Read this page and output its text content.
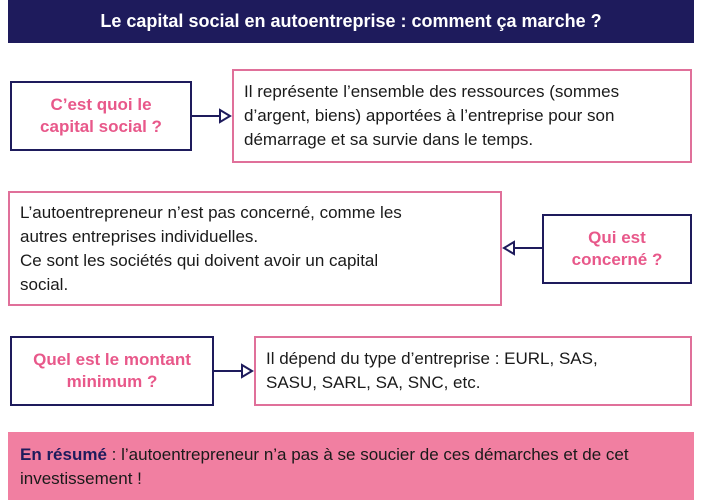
Le capital social en autoentreprise : comment ça marche ?
C’est quoi le
capital social ?
Il représente l’ensemble des ressources (sommes
d’argent, biens) apportées à l’entreprise pour son
démarrage et sa survie dans le temps.
L’autoentrepreneur n’est pas concerné, comme les
autres entreprises individuelles.
Ce sont les sociétés qui doivent avoir un capital
social.
Qui est
concerné ?
Quel est le montant
minimum ?
Il dépend du type d’entreprise : EURL, SAS,
SASU, SARL, SA, SNC, etc.
En résumé : l’autoentrepreneur n’a pas à se soucier de ces démarches et de cet investissement !
